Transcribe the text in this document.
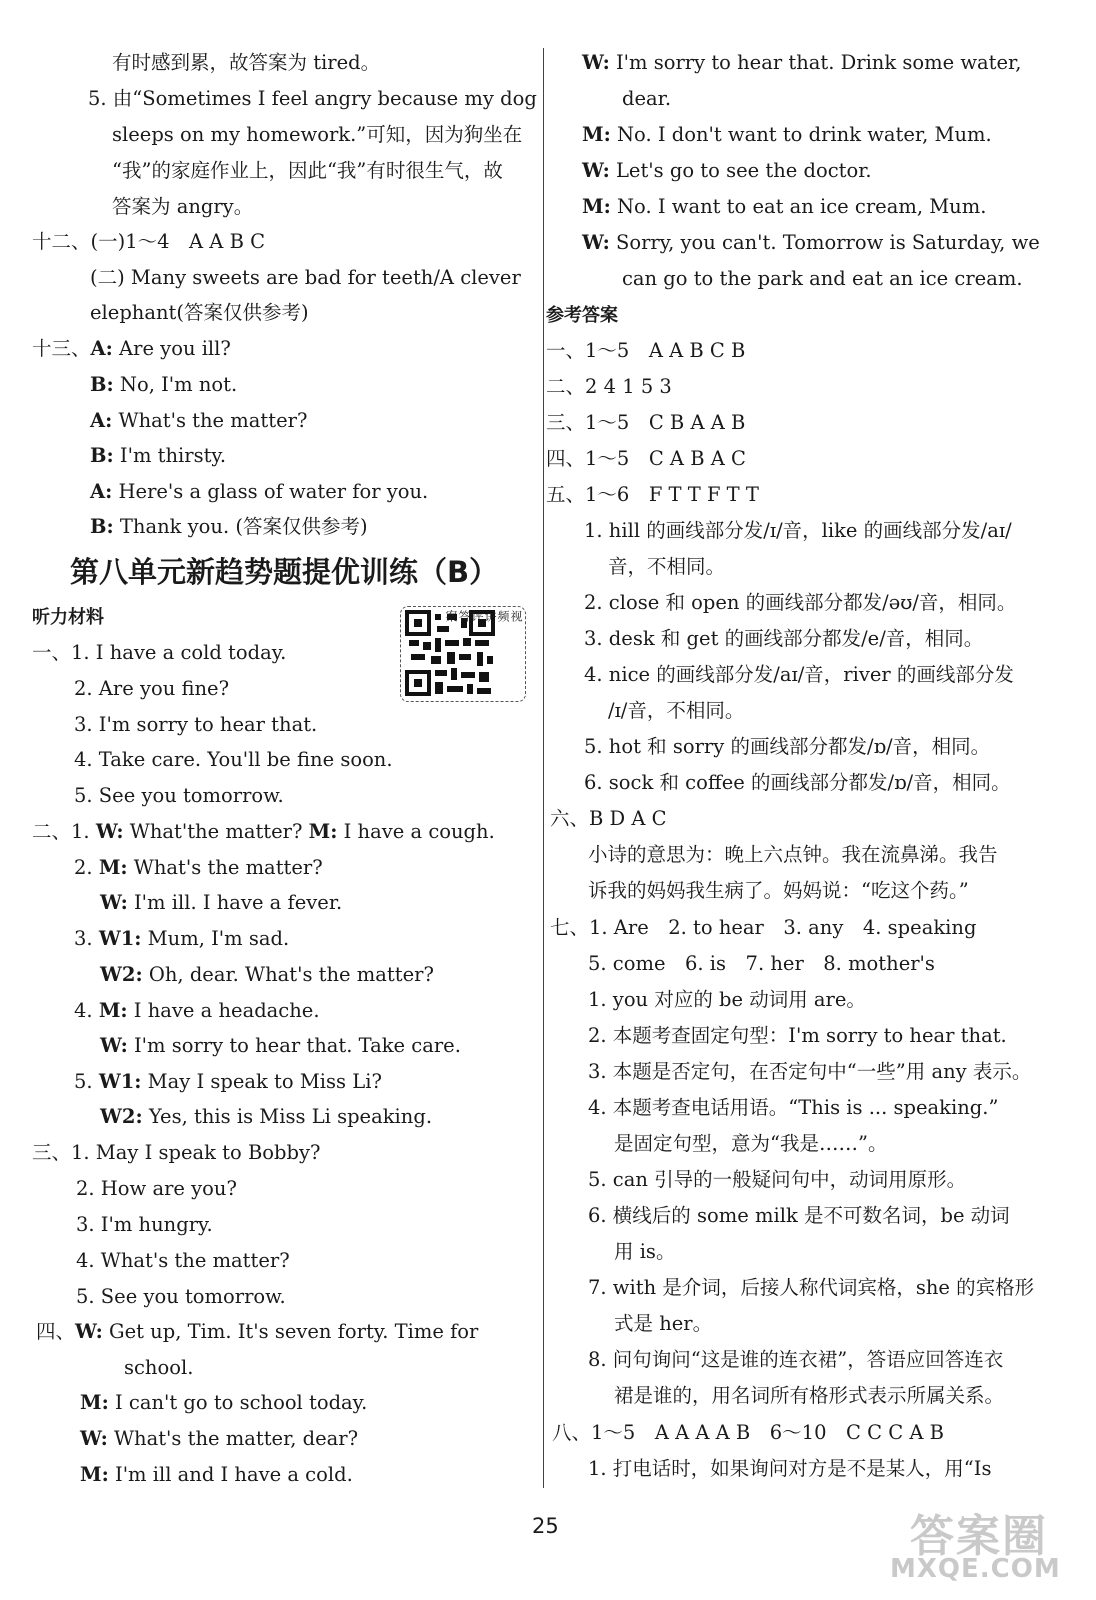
有时感到累，故答案为 tired。
5. 由“Sometimes I feel angry because my dog
sleeps on my homework.”可知，因为狗坐在
“我”的家庭作业上，因此“我”有时很生气，故
答案为 angry。
十二、(一)1～4　A A B C
(二) Many sweets are bad for teeth/A clever
elephant(答案仅供参考)
十三、A: Are you ill?
B: No, I'm not.
A: What's the matter?
B: I'm thirsty.
A: Here's a glass of water for you.
B: Thank you. (答案仅供参考)
第八单元新趋势题提优训练（B）
听力材料	视频讲评答案
一、1. I have a cold today.
2. Are you fine?
3. I'm sorry to hear that.
4. Take care. You'll be fine soon.
5. See you tomorrow.
二、1. W: What'the matter? M: I have a cough.
2. M: What's the matter?
W: I'm ill. I have a fever.
3. W1: Mum, I'm sad.
W2: Oh, dear. What's the matter?
4. M: I have a headache.
W: I'm sorry to hear that. Take care.
5. W1: May I speak to Miss Li?
W2: Yes, this is Miss Li speaking.
三、1. May I speak to Bobby?
2. How are you?
3. I'm hungry.
4. What's the matter?
5. See you tomorrow.
四、W: Get up, Tim. It's seven forty. Time for
school.
M: I can't go to school today.
W: What's the matter, dear?
M: I'm ill and I have a cold.
W: I'm sorry to hear that. Drink some water,
dear.
M: No. I don't want to drink water, Mum.
W: Let's go to see the doctor.
M: No. I want to eat an ice cream, Mum.
W: Sorry, you can't. Tomorrow is Saturday, we
can go to the park and eat an ice cream.
参考答案
一、1～5　A A B C B
二、2 4 1 5 3
三、1～5　C B A A B
四、1～5　C A B A C
五、1～6　F T T F T T
1. hill 的画线部分发/ɪ/音，like 的画线部分发/aɪ/
音，不相同。
2. close 和 open 的画线部分都发/əʊ/音，相同。
3. desk 和 get 的画线部分都发/e/音，相同。
4. nice 的画线部分发/aɪ/音，river 的画线部分发
/ɪ/音，不相同。
5. hot 和 sorry 的画线部分都发/ɒ/音，相同。
6. sock 和 coffee 的画线部分都发/ɒ/音，相同。
六、B D A C
小诗的意思为：晚上六点钟。我在流鼻涕。我告
诉我的妈妈我生病了。妈妈说：“吃这个药。”
七、1. Are　2. to hear　3. any　4. speaking
5. come　6. is　7. her　8. mother's
1. you 对应的 be 动词用 are。
2. 本题考查固定句型：I'm sorry to hear that.
3. 本题是否定句，在否定句中“一些”用 any 表示。
4. 本题考查电话用语。“This is ... speaking.”
是固定句型，意为“我是……”。
5. can 引导的一般疑问句中，动词用原形。
6. 横线后的 some milk 是不可数名词，be 动词
用 is。
7. with 是介词，后接人称代词宾格，she 的宾格形
式是 her。
8. 问句询问“这是谁的连衣裙”，答语应回答连衣
裙是谁的，用名词所有格形式表示所属关系。
八、1～5　A A A A B　6～10　C C C A B
1. 打电话时，如果询问对方是不是某人，用“Is
25	答案圈
MXQE.COM
